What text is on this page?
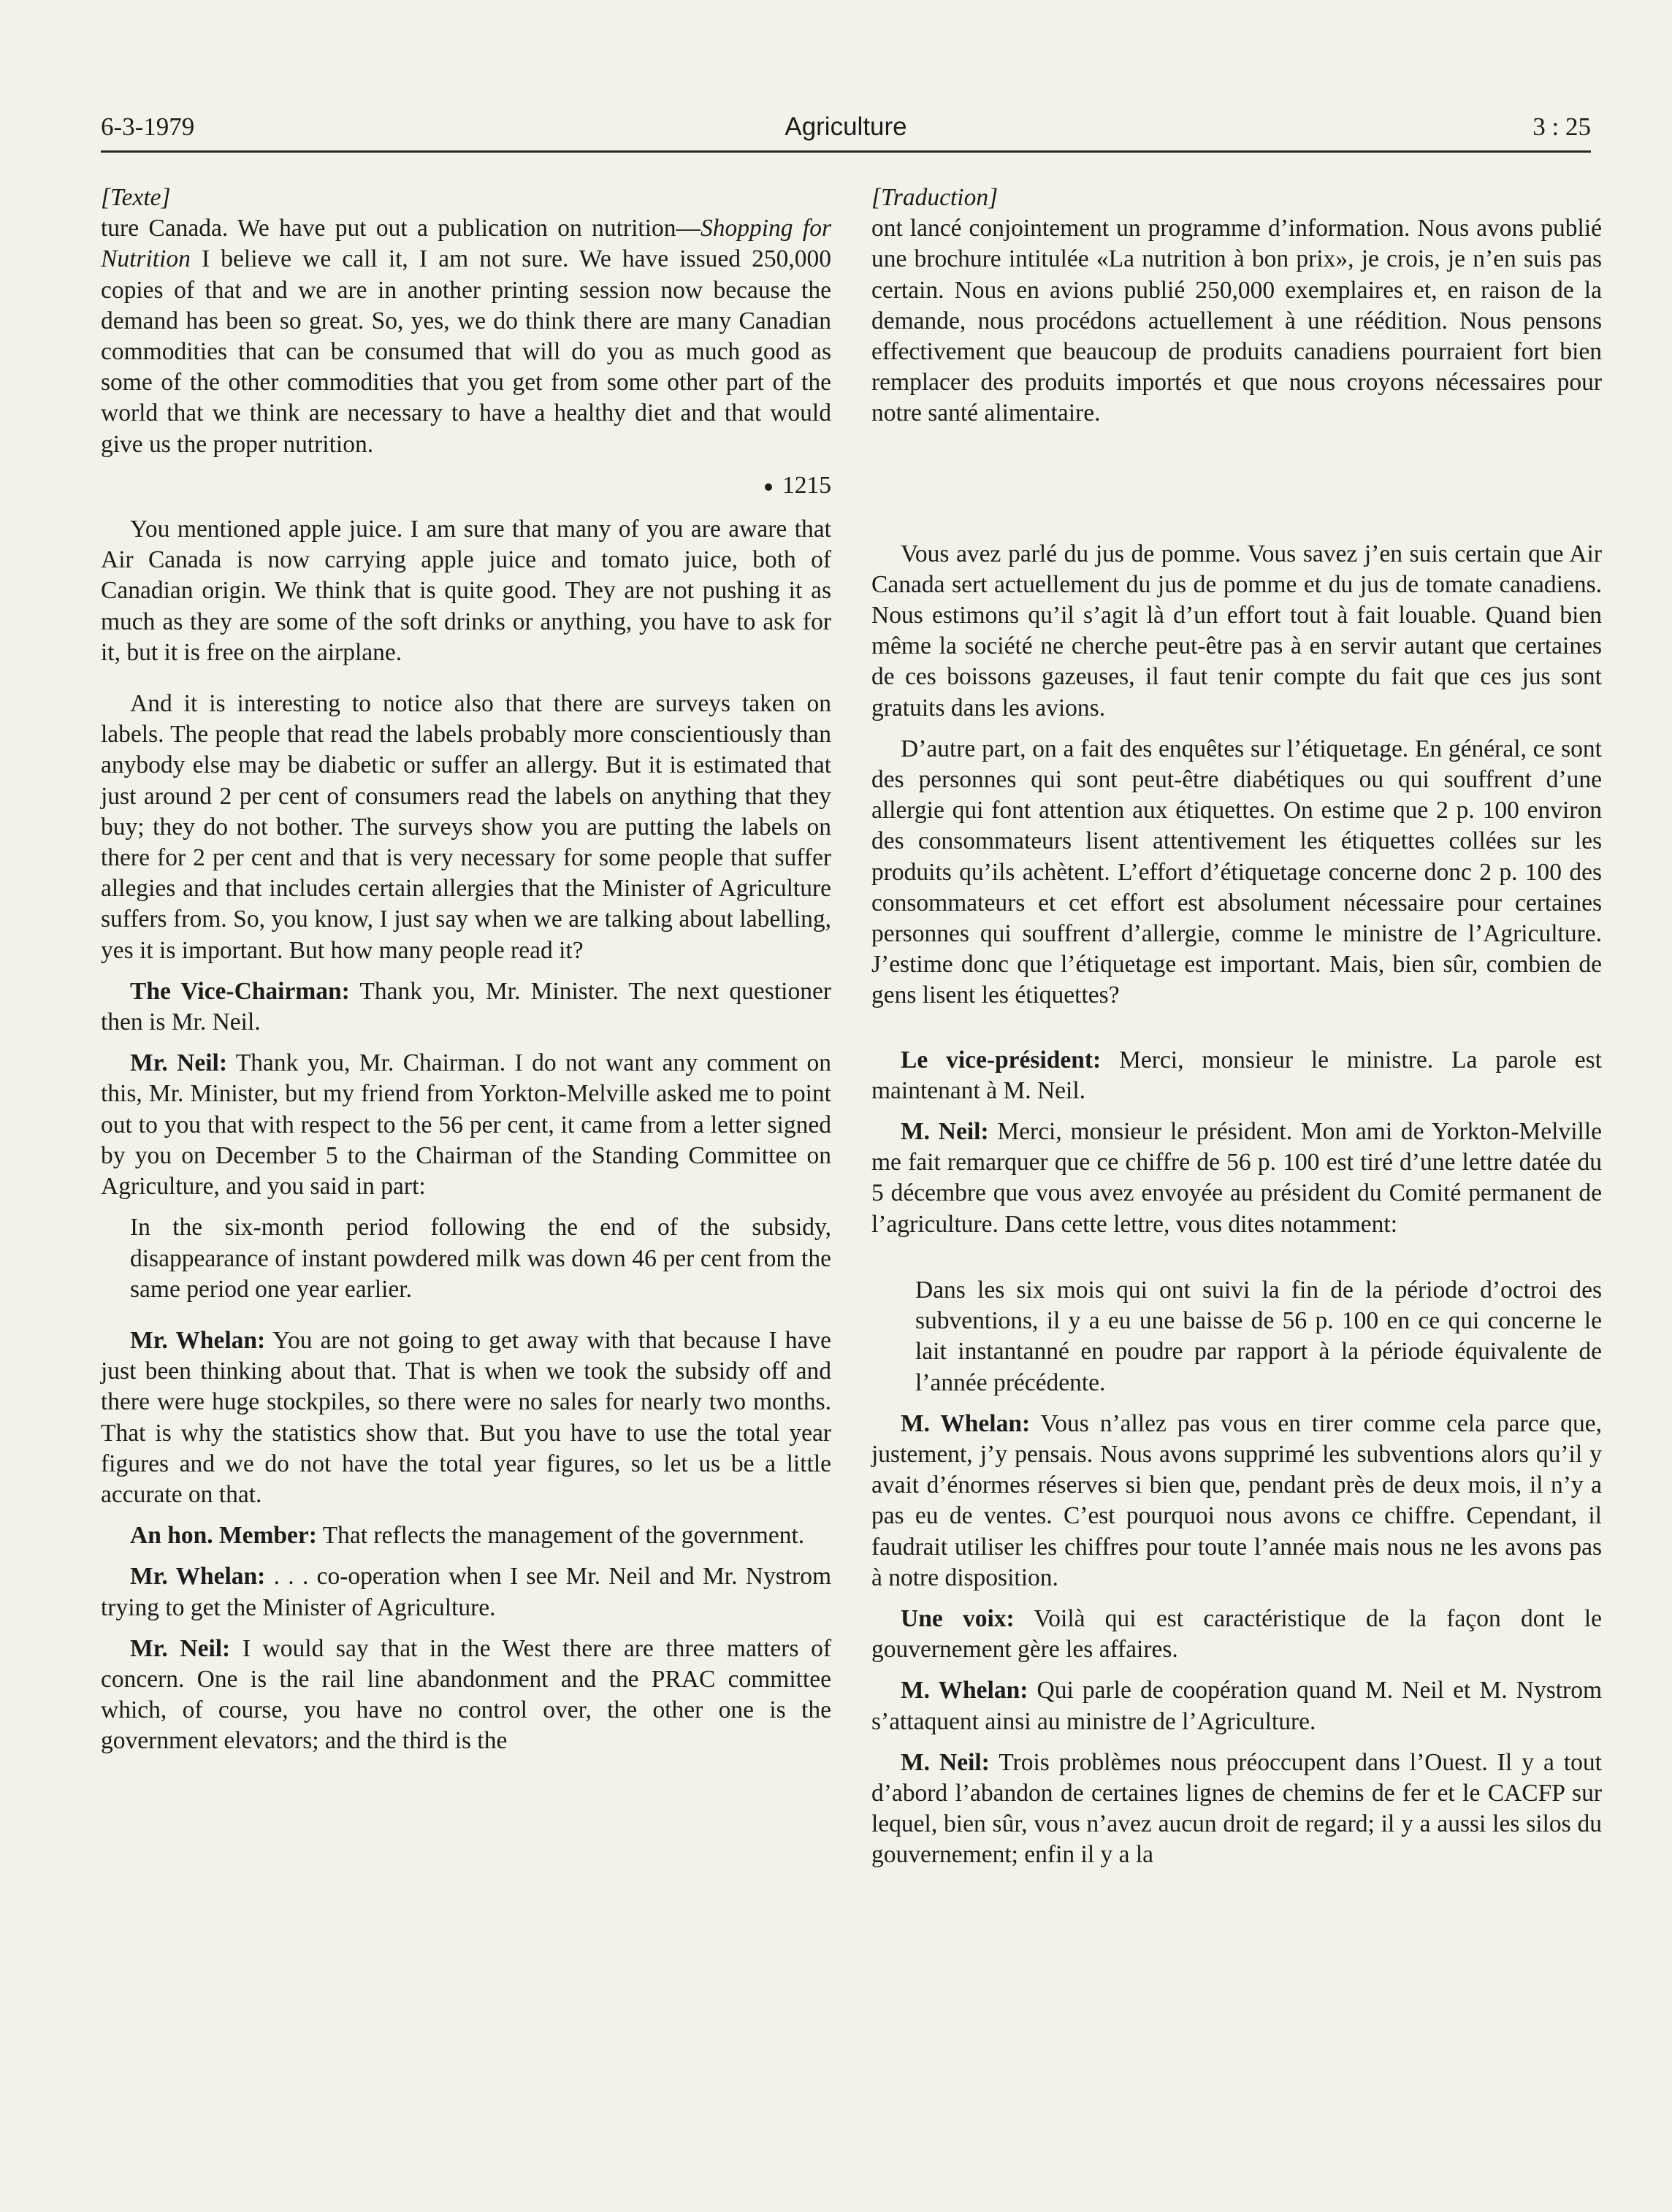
6-3-1979	Agriculture	3 : 25

[Texte]

ture Canada. We have put out a publication on nutrition—Shopping for Nutrition I believe we call it, I am not sure. We have issued 250,000 copies of that and we are in another printing session now because the demand has been so great. So, yes, we do think there are many Canadian commodities that can be consumed that will do you as much good as some of the other commodities that you get from some other part of the world that we think are necessary to have a healthy diet and that would give us the proper nutrition.

1215

You mentioned apple juice. I am sure that many of you are aware that Air Canada is now carrying apple juice and tomato juice, both of Canadian origin. We think that is quite good. They are not pushing it as much as they are some of the soft drinks or anything, you have to ask for it, but it is free on the airplane.

And it is interesting to notice also that there are surveys taken on labels. The people that read the labels probably more conscientiously than anybody else may be diabetic or suffer an allergy. But it is estimated that just around 2 per cent of consumers read the labels on anything that they buy; they do not bother. The surveys show you are putting the labels on there for 2 per cent and that is very necessary for some people that suffer allegies and that includes certain allergies that the Minister of Agriculture suffers from. So, you know, I just say when we are talking about labelling, yes it is important. But how many people read it?

The Vice-Chairman: Thank you, Mr. Minister. The next questioner then is Mr. Neil.

Mr. Neil: Thank you, Mr. Chairman. I do not want any comment on this, Mr. Minister, but my friend from Yorkton-Melville asked me to point out to you that with respect to the 56 per cent, it came from a letter signed by you on December 5 to the Chairman of the Standing Committee on Agriculture, and you said in part:

In the six-month period following the end of the subsidy, disappearance of instant powdered milk was down 46 per cent from the same period one year earlier.

Mr. Whelan: You are not going to get away with that because I have just been thinking about that. That is when we took the subsidy off and there were huge stockpiles, so there were no sales for nearly two months. That is why the statistics show that. But you have to use the total year figures and we do not have the total year figures, so let us be a little accurate on that.

An hon. Member: That reflects the management of the government.

Mr. Whelan: . . . co-operation when I see Mr. Neil and Mr. Nystrom trying to get the Minister of Agriculture.

Mr. Neil: I would say that in the West there are three matters of concern. One is the rail line abandonment and the PRAC committee which, of course, you have no control over, the other one is the government elevators; and the third is the

[Traduction]

ont lancé conjointement un programme d’information. Nous avons publié une brochure intitulée «La nutrition à bon prix», je crois, je n’en suis pas certain. Nous en avions publié 250,000 exemplaires et, en raison de la demande, nous procédons actuellement à une réédition. Nous pensons effectivement que beaucoup de produits canadiens pourraient fort bien remplacer des produits importés et que nous croyons nécessaires pour notre santé alimentaire.

Vous avez parlé du jus de pomme. Vous savez j’en suis certain que Air Canada sert actuellement du jus de pomme et du jus de tomate canadiens. Nous estimons qu’il s’agit là d’un effort tout à fait louable. Quand bien même la société ne cherche peut-être pas à en servir autant que certaines de ces boissons gazeuses, il faut tenir compte du fait que ces jus sont gratuits dans les avions.

D’autre part, on a fait des enquêtes sur l’étiquetage. En général, ce sont des personnes qui sont peut-être diabétiques ou qui souffrent d’une allergie qui font attention aux étiquettes. On estime que 2 p. 100 environ des consommateurs lisent attentivement les étiquettes collées sur les produits qu’ils achètent. L’effort d’étiquetage concerne donc 2 p. 100 des consommateurs et cet effort est absolument nécessaire pour certaines personnes qui souffrent d’allergie, comme le ministre de l’Agriculture. J’estime donc que l’étiquetage est important. Mais, bien sûr, combien de gens lisent les étiquettes?

Le vice-président: Merci, monsieur le ministre. La parole est maintenant à M. Neil.

M. Neil: Merci, monsieur le président. Mon ami de Yorkton-Melville me fait remarquer que ce chiffre de 56 p. 100 est tiré d’une lettre datée du 5 décembre que vous avez envoyée au président du Comité permanent de l’agriculture. Dans cette lettre, vous dites notamment:

Dans les six mois qui ont suivi la fin de la période d’octroi des subventions, il y a eu une baisse de 56 p. 100 en ce qui concerne le lait instantanné en poudre par rapport à la période équivalente de l’année précédente.

M. Whelan: Vous n’allez pas vous en tirer comme cela parce que, justement, j’y pensais. Nous avons supprimé les subventions alors qu’il y avait d’énormes réserves si bien que, pendant près de deux mois, il n’y a pas eu de ventes. C’est pourquoi nous avons ce chiffre. Cependant, il faudrait utiliser les chiffres pour toute l’année mais nous ne les avons pas à notre disposition.

Une voix: Voilà qui est caractéristique de la façon dont le gouvernement gère les affaires.

M. Whelan: Qui parle de coopération quand M. Neil et M. Nystrom s’attaquent ainsi au ministre de l’Agriculture.

M. Neil: Trois problèmes nous préoccupent dans l’Ouest. Il y a tout d’abord l’abandon de certaines lignes de chemins de fer et le CACFP sur lequel, bien sûr, vous n’avez aucun droit de regard; il y a aussi les silos du gouvernement; enfin il y a la
